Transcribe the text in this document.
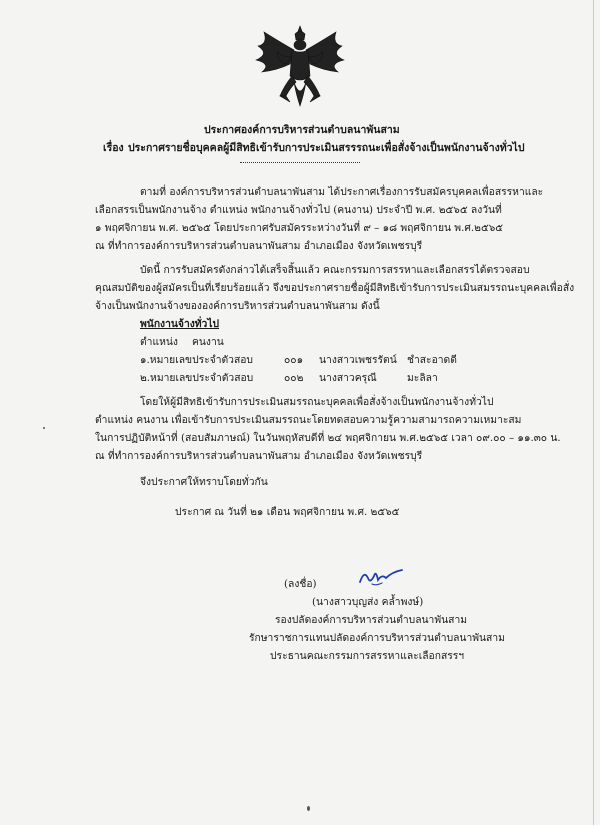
ประกาศองค์การบริหารส่วนตำบลนาพันสาม
เรื่อง ประกาศรายชื่อบุคคลผู้มีสิทธิเข้ารับการประเมินสรรรถนะเพื่อสั่งจ้างเป็นพนักงานจ้างทั่วไป
ตามที่ องค์การบริหารส่วนตำบลนาพันสาม ได้ประกาศเรื่องการรับสมัครบุคคลเพื่อสรรหาและ
เลือกสรรเป็นพนักงานจ้าง ตำแหน่ง พนักงานจ้างทั่วไป (คนงาน) ประจำปี พ.ศ. ๒๕๖๕ ลงวันที่
๑ พฤศจิกายน พ.ศ. ๒๕๖๕ โดยประกาศรับสมัครระหว่างวันที่ ๙ – ๑๘ พฤศจิกายน พ.ศ.๒๕๖๕
ณ ที่ทำการองค์การบริหารส่วนตำบลนาพันสาม อำเภอเมือง จังหวัดเพชรบุรี
บัดนี้ การรับสมัครดังกล่าวได้เสร็จสิ้นแล้ว คณะกรรมการสรรหาและเลือกสรรได้ตรวจสอบ
คุณสมบัติของผู้สมัครเป็นที่เรียบร้อยแล้ว จึงขอประกาศรายชื่อผู้มีสิทธิเข้ารับการประเมินสมรรถนะบุคคลเพื่อสั่ง
จ้างเป็นพนักงานจ้างขององค์การบริหารส่วนตำบลนาพันสาม ดังนี้
พนักงานจ้างทั่วไป
ตำแหน่ง คนงาน
๑.หมายเลขประจำตัวสอบ	๐๐๑ นางสาวเพชรรัตน์ ชำสะอาดดี
๒.หมายเลขประจำตัวสอบ	๐๐๒ นางสาวครุณี	มะลิลา
โดยให้ผู้มีสิทธิเข้ารับการประเมินสมรรถนะบุคคลเพื่อสั่งจ้างเป็นพนักงานจ้างทั่วไป
ตำแหน่ง คนงาน เพื่อเข้ารับการประเมินสมรรถนะโดยทดสอบความรู้ความสามารถความเหมาะสม
ในการปฏิบัติหน้าที่ (สอบสัมภาษณ์) ในวันพฤหัสบดีที่ ๒๔ พฤศจิกายน พ.ศ.๒๕๖๕ เวลา ๐๙.๐๐ – ๑๑.๓๐ น.
ณ ที่ทำการองค์การบริหารส่วนตำบลนาพันสาม อำเภอเมือง จังหวัดเพชรบุรี
จึงประกาศให้ทราบโดยทั่วกัน
ประกาศ ณ วันที่ ๒๑ เดือน พฤศจิกายน พ.ศ. ๒๕๖๕
(ลงชื่อ)
(นางสาวบุญส่ง คล้ำพงษ์)
รองปลัดองค์การบริหารส่วนตำบลนาพันสาม
รักษาราชการแทนปลัดองค์การบริหารส่วนตำบลนาพันสาม
ประธานคณะกรรมการสรรหาและเลือกสรรฯ
